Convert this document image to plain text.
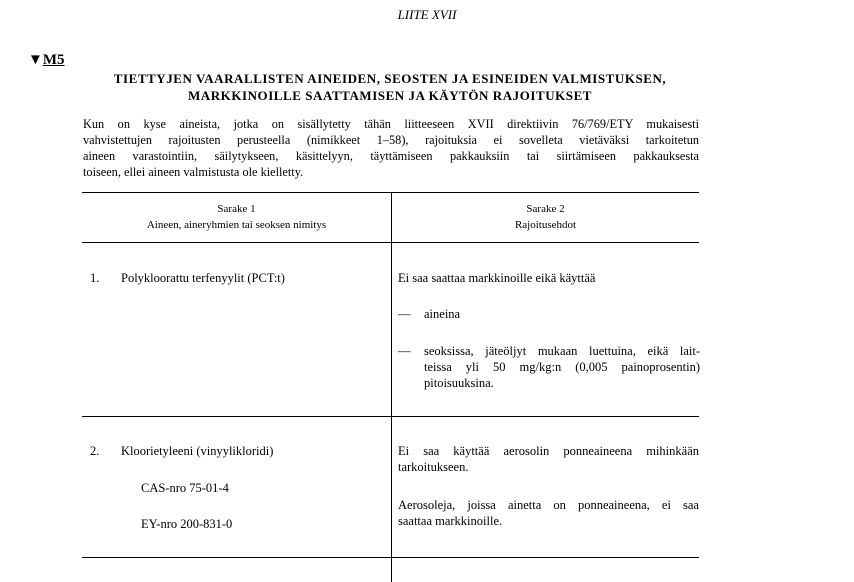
LIITE XVII
▼M5
TIETTYJEN VAARALLISTEN AINEIDEN, SEOSTEN JA ESINEIDEN VALMISTUKSEN,
MARKKINOILLE SAATTAMISEN JA KÄYTÖN RAJOITUKSET
Kun on kyse aineista, jotka on sisällytetty tähän liitteeseen XVII direktiivin 76/769/ETY mukaisesti
vahvistettujen rajoitusten perusteella (nimikkeet 1–58), rajoituksia ei sovelleta vietäväksi tarkoitetun
aineen varastointiin, säilytykseen, käsittelyyn, täyttämiseen pakkauksiin tai siirtämiseen pakkauksesta
toiseen, ellei aineen valmistusta ole kielletty.
Sarake 1
Aineen, aineryhmien tai seoksen nimitys
Sarake 2
Rajoitusehdot
1. Polykloorattu terfenyylit (PCT:t)	Ei saa saattaa markkinoille eikä käyttää
— aineina
— seoksissa, jäteöljyt mukaan luettuina, eikä lait-
teissa yli 50 mg/kg:n (0,005 painoprosentin)
pitoisuuksina.
2. Kloorietyleeni (vinyylikloridi)
CAS-nro 75-01-4
EY-nro 200-831-0
Ei saa käyttää aerosolin ponneaineena mihinkään
tarkoitukseen.
Aerosoleja, joissa ainetta on ponneaineena, ei saa
saattaa markkinoille.
